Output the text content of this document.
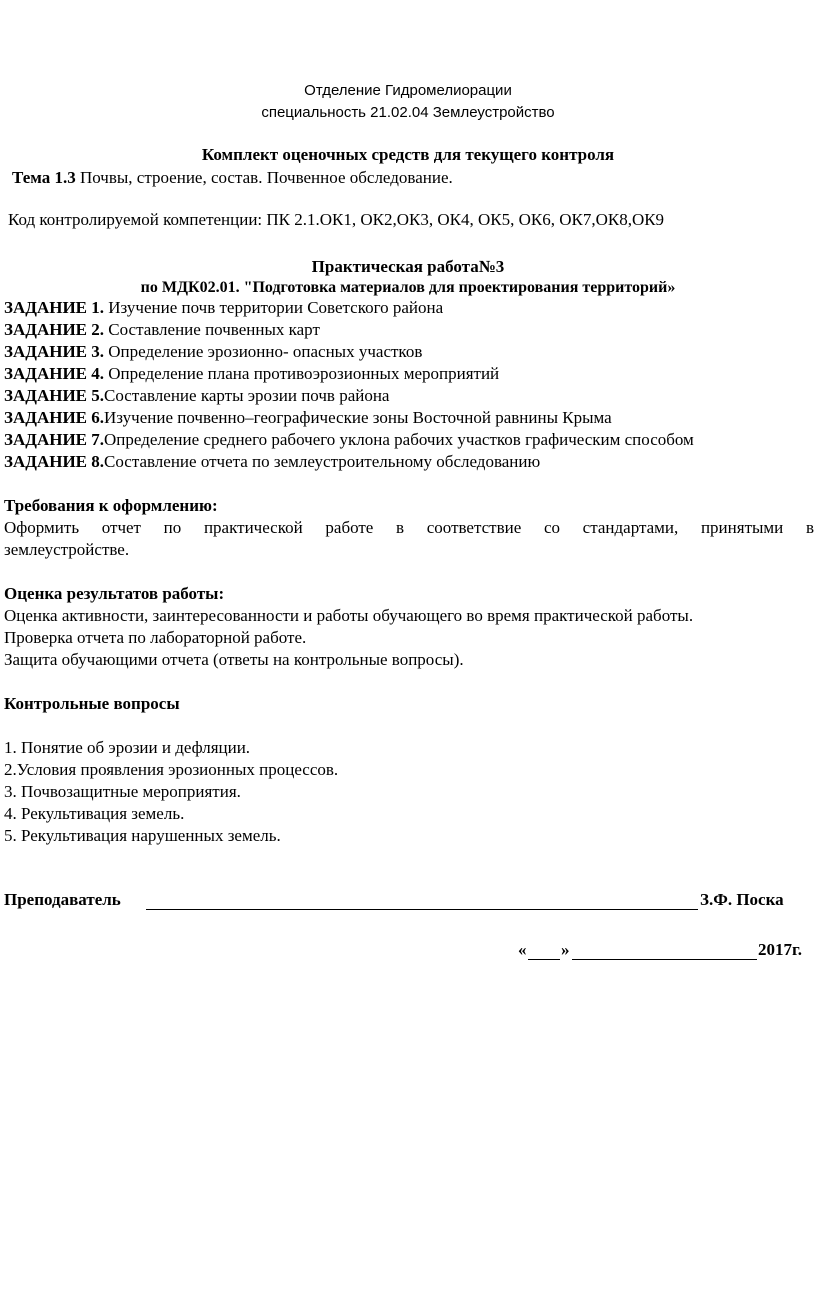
Отделение Гидромелиорации
специальность 21.02.04 Землеустройство
Комплект оценочных средств для текущего контроля
Тема 1.3 Почвы, строение, состав. Почвенное обследование.
Код контролируемой компетенции: ПК 2.1.ОК1, ОК2,ОК3, ОК4, ОК5, ОК6, ОК7,ОК8,ОК9
Практическая работа№3
по МДК02.01. "Подготовка материалов для проектирования территорий»
ЗАДАНИЕ 1. Изучение почв территории Советского района
ЗАДАНИЕ 2. Составление почвенных карт
ЗАДАНИЕ 3. Определение эрозионно- опасных участков
ЗАДАНИЕ 4. Определение плана противоэрозионных мероприятий
ЗАДАНИЕ 5.Составление карты эрозии почв района
ЗАДАНИЕ 6.Изучение почвенно–географические зоны Восточной равнины Крыма
ЗАДАНИЕ 7.Определение среднего рабочего уклона рабочих участков графическим способом
ЗАДАНИЕ 8.Составление отчета по землеустроительному обследованию
Требования к оформлению:
Оформить отчет по практической работе в соответствие со стандартами, принятыми в
землеустройстве.
Оценка результатов работы:
Оценка активности, заинтересованности и работы обучающего во время практической работы.
Проверка отчета по лабораторной работе.
Защита обучающими отчета (ответы на контрольные вопросы).
Контрольные вопросы
1. Понятие об эрозии и дефляции.
2.Условия проявления эрозионных процессов.
3. Почвозащитные мероприятия.
4. Рекультивация земель.
5. Рекультивация нарушенных земель.
Преподаватель	З.Ф. Поска
« »	2017г.
